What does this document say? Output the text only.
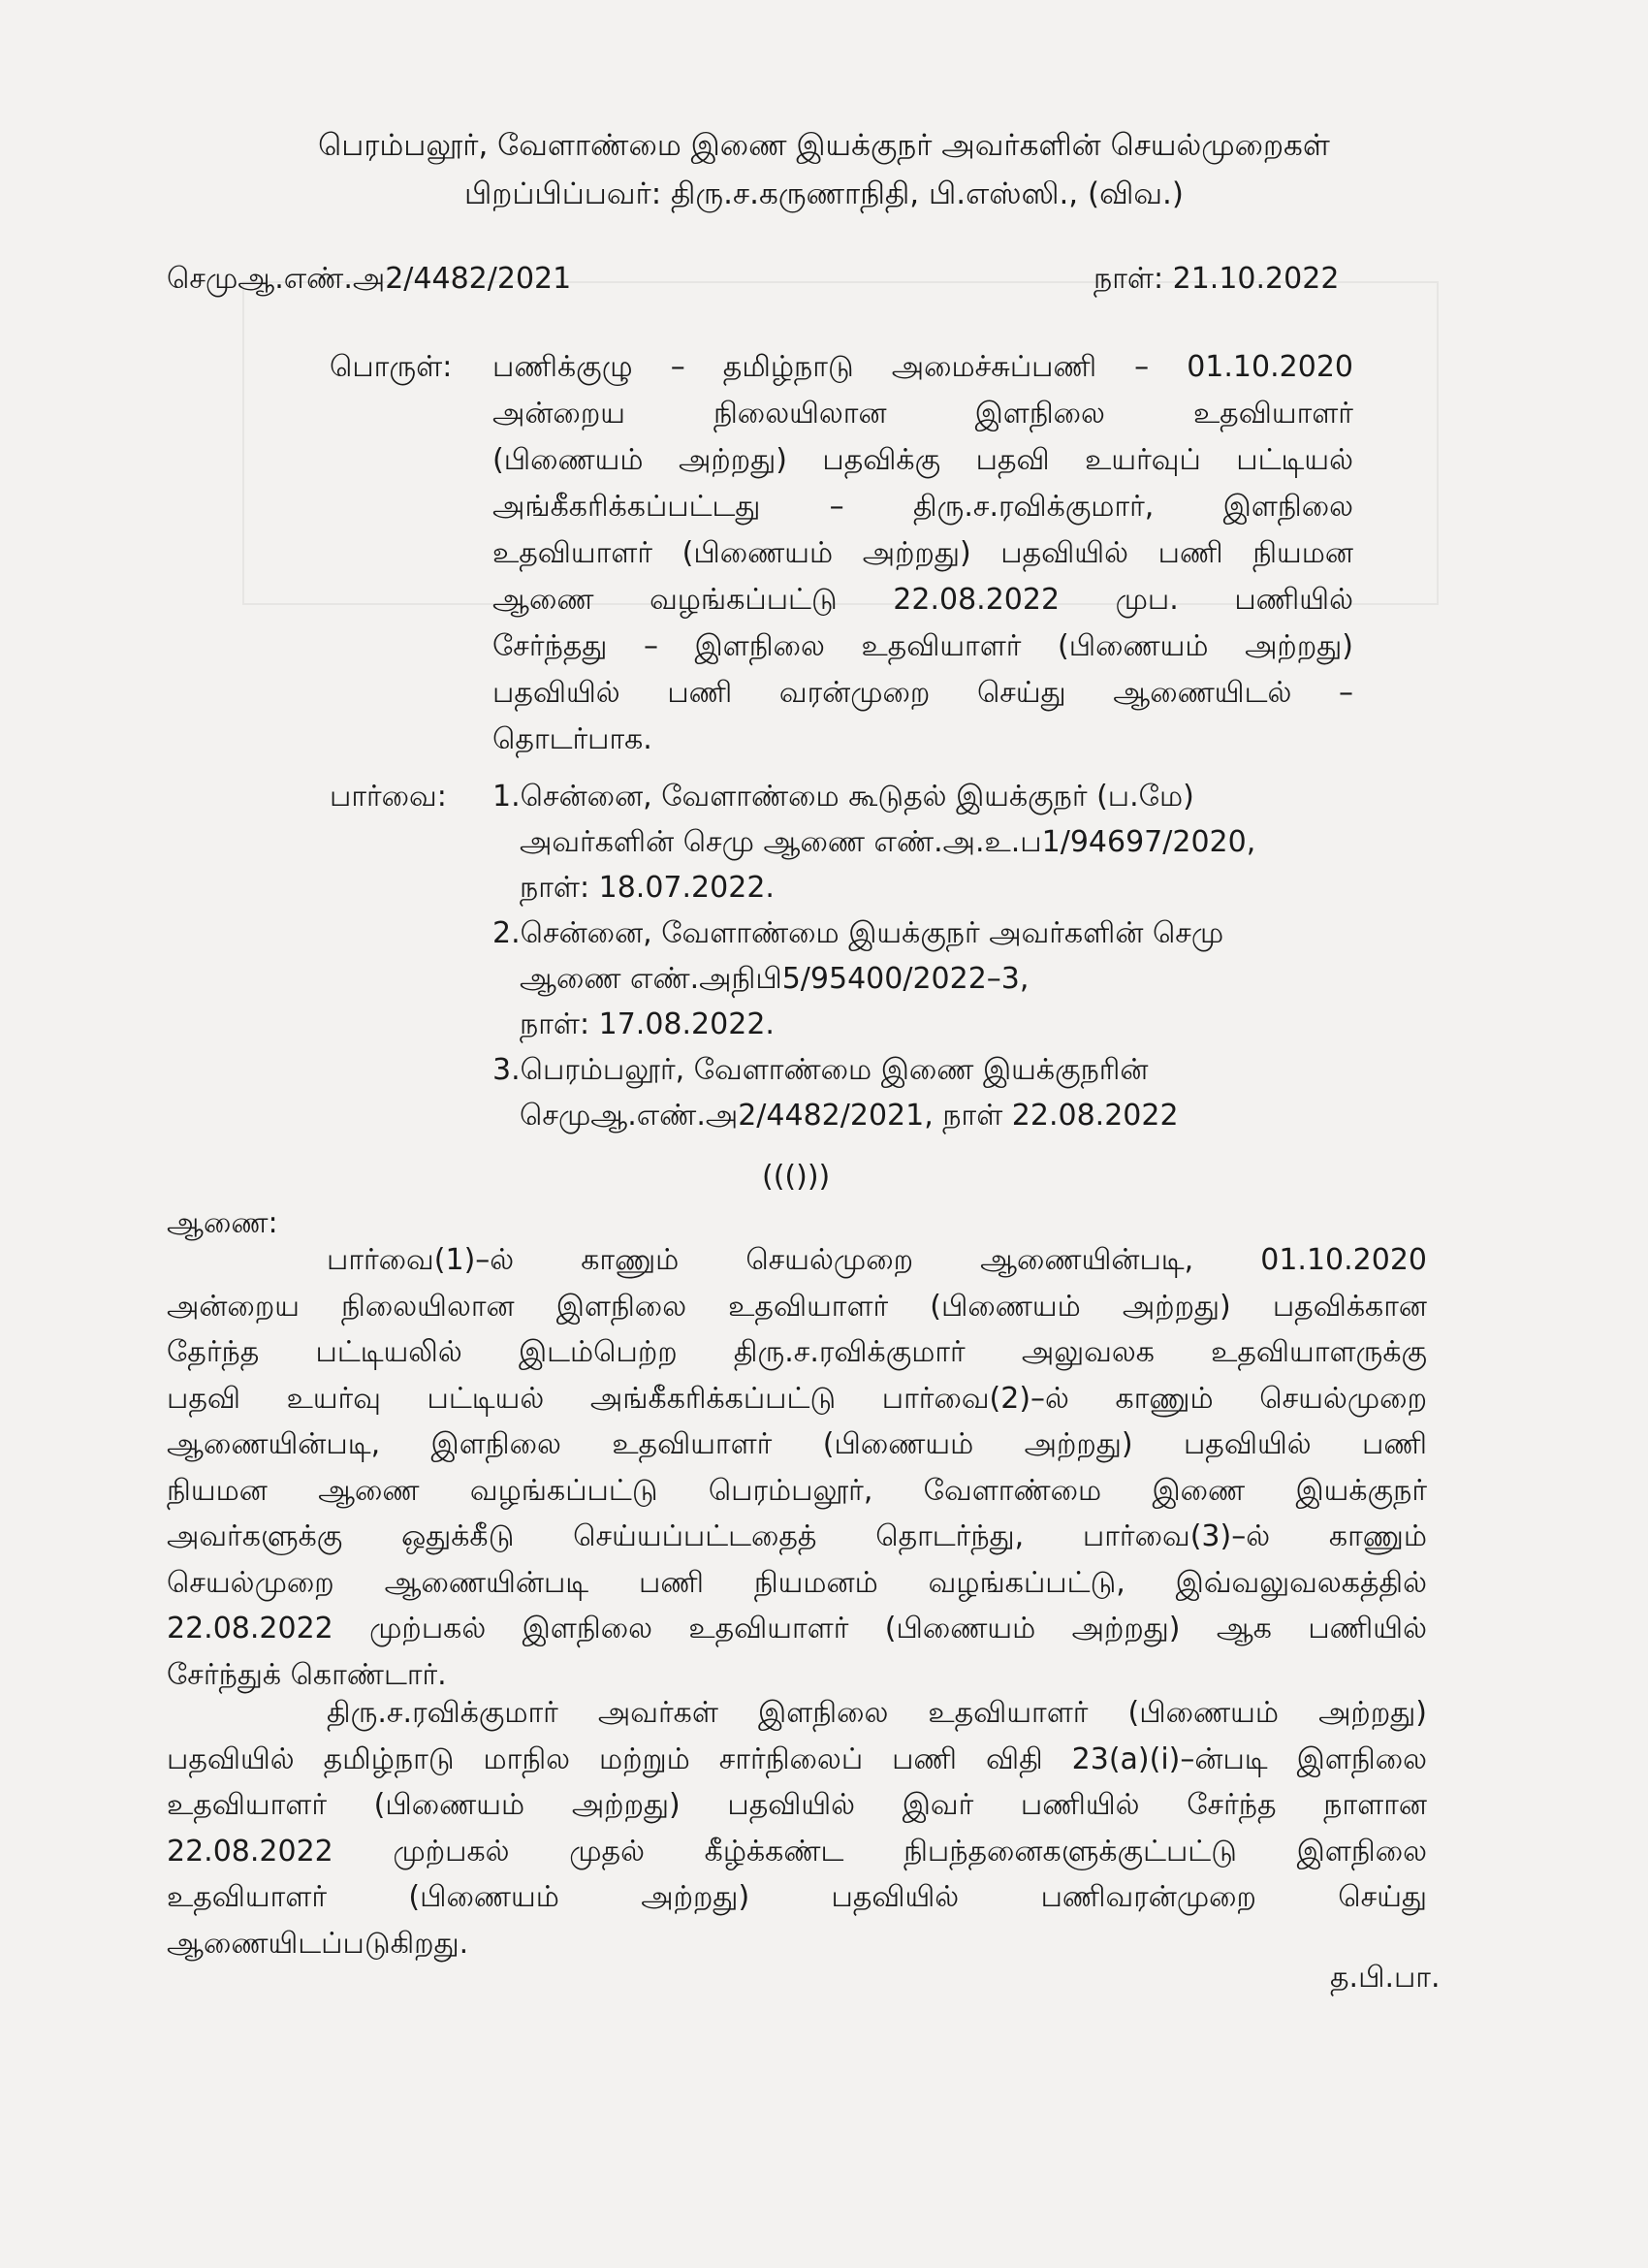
பெரம்பலூர், வேளாண்மை இணை இயக்குநர் அவர்களின் செயல்முறைகள்
பிறப்பிப்பவர்: திரு.ச.கருணாநிதி, பி.எஸ்ஸி., (விவ.)
செமுஆ.எண்.அ2/4482/2021	நாள்: 21.10.2022
பொருள்: பணிக்குழு – தமிழ்நாடு அமைச்சுப்பணி – 01.10.2020
அன்றைய நிலையிலான இளநிலை உதவியாளர்
(பிணையம் அற்றது) பதவிக்கு பதவி உயர்வுப் பட்டியல்
அங்கீகரிக்கப்பட்டது – திரு.ச.ரவிக்குமார், இளநிலை
உதவியாளர் (பிணையம் அற்றது) பதவியில் பணி நியமன
ஆணை வழங்கப்பட்டு 22.08.2022 முப. பணியில்
சேர்ந்தது – இளநிலை உதவியாளர் (பிணையம் அற்றது)
பதவியில் பணி வரன்முறை செய்து ஆணையிடல் –
தொடர்பாக.
பார்வை: 1.சென்னை, வேளாண்மை கூடுதல் இயக்குநர் (ப.மே)
அவர்களின் செமு ஆணை எண்.அ.உ.ப1/94697/2020,
நாள்: 18.07.2022.
2.சென்னை, வேளாண்மை இயக்குநர் அவர்களின் செமு
ஆணை எண்.அநிபி5/95400/2022–3,
நாள்: 17.08.2022.
3.பெரம்பலூர், வேளாண்மை இணை இயக்குநரின்
செமுஆ.எண்.அ2/4482/2021, நாள் 22.08.2022
((()))
ஆணை:
பார்வை(1)–ல் காணும் செயல்முறை ஆணையின்படி, 01.10.2020
அன்றைய நிலையிலான இளநிலை உதவியாளர் (பிணையம் அற்றது) பதவிக்கான
தேர்ந்த பட்டியலில் இடம்பெற்ற திரு.ச.ரவிக்குமார் அலுவலக உதவியாளருக்கு
பதவி உயர்வு பட்டியல் அங்கீகரிக்கப்பட்டு பார்வை(2)–ல் காணும் செயல்முறை
ஆணையின்படி, இளநிலை உதவியாளர் (பிணையம் அற்றது) பதவியில் பணி
நியமன ஆணை வழங்கப்பட்டு பெரம்பலூர், வேளாண்மை இணை இயக்குநர்
அவர்களுக்கு ஒதுக்கீடு செய்யப்பட்டதைத் தொடர்ந்து, பார்வை(3)–ல் காணும்
செயல்முறை ஆணையின்படி பணி நியமனம் வழங்கப்பட்டு, இவ்வலுவலகத்தில்
22.08.2022 முற்பகல் இளநிலை உதவியாளர் (பிணையம் அற்றது) ஆக பணியில்
சேர்ந்துக் கொண்டார்.
திரு.ச.ரவிக்குமார் அவர்கள் இளநிலை உதவியாளர் (பிணையம் அற்றது)
பதவியில் தமிழ்நாடு மாநில மற்றும் சார்நிலைப் பணி விதி 23(a)(i)–ன்படி இளநிலை
உதவியாளர் (பிணையம் அற்றது) பதவியில் இவர் பணியில் சேர்ந்த நாளான
22.08.2022 முற்பகல் முதல் கீழ்க்கண்ட நிபந்தனைகளுக்குட்பட்டு இளநிலை
உதவியாளர் (பிணையம் அற்றது) பதவியில் பணிவரன்முறை செய்து
ஆணையிடப்படுகிறது.
த.பி.பா.
